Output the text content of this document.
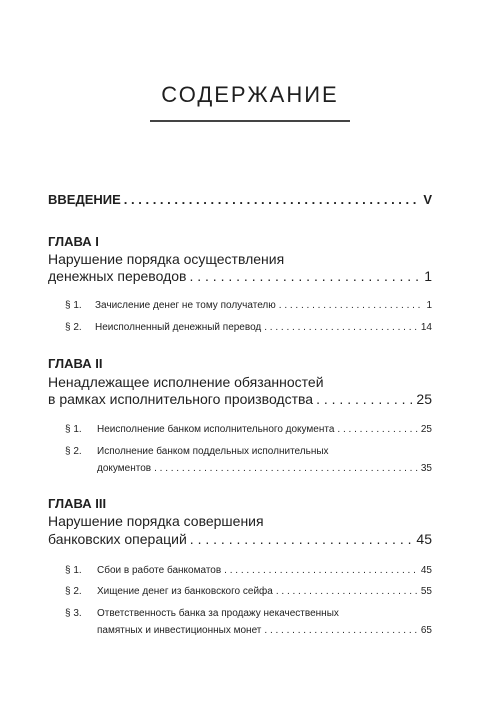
СОДЕРЖАНИЕ
ВВЕДЕНИЕ . . .	V
ГЛАВА I
Нарушение порядка осуществления
денежных переводов . . .	1
§ 1.	Зачисление денег не тому получателю . . .	1
§ 2.	Неисполненный денежный перевод . . .	14
ГЛАВА II
Ненадлежащее исполнение обязанностей
в рамках исполнительного производства . . .	25
§ 1.	Неисполнение банком исполнительного документа . . .	25
§ 2. Исполнение банком поддельных исполнительных
документов . . .	35
ГЛАВА III
Нарушение порядка совершения
банковских операций . . .	45
§ 1.	Сбои в работе банкоматов . . .	45
§ 2.	Хищение денег из банковского сейфа . . .	55
§ 3. Ответственность банка за продажу некачественных
памятных и инвестиционных монет . . .	65
